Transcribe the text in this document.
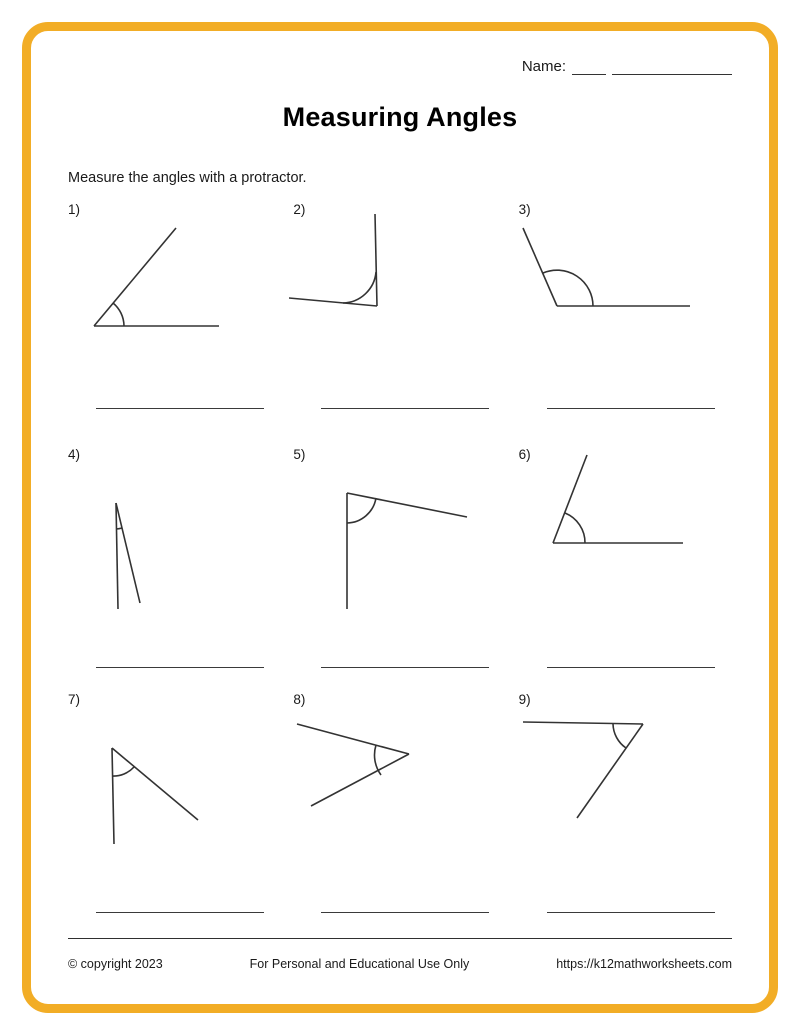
Name:
Measuring Angles
Measure the angles with a protractor.
1)	2)	3)
4)	5)	6)
7)	8)	9)
© copyright 2023	For Personal and Educational Use Only	https://k12mathworksheets.com
